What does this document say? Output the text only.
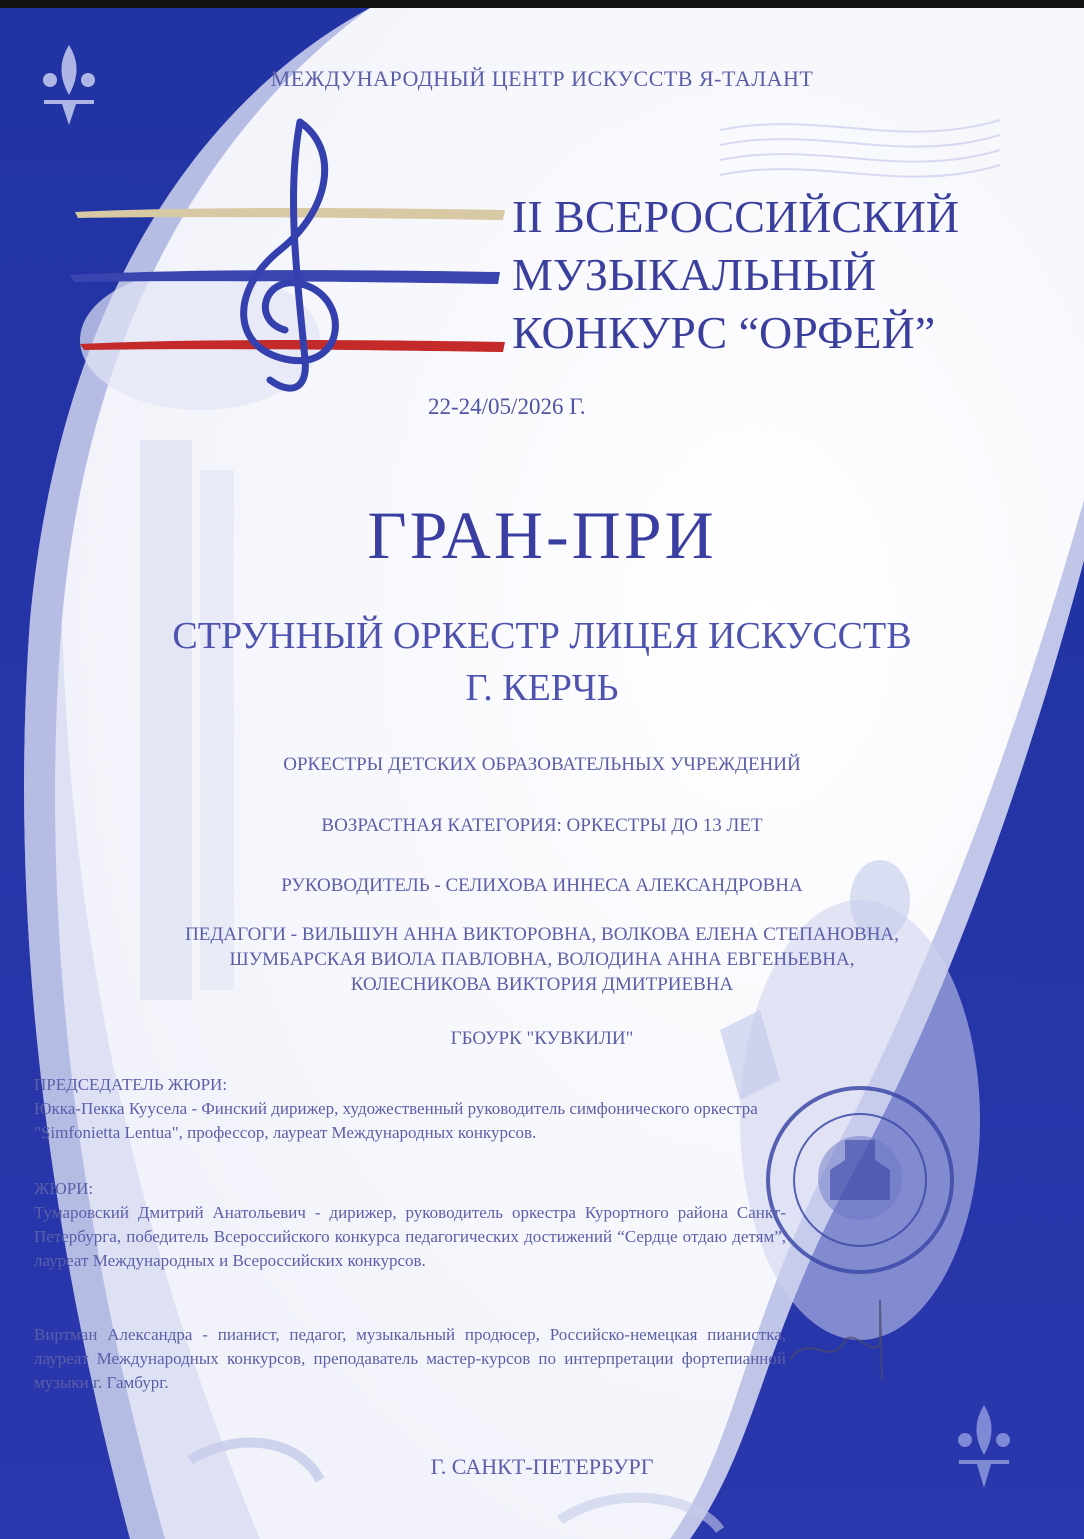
МЕЖДУНАРОДНЫЙ ЦЕНТР ИСКУССТВ Я-ТАЛАНТ

II ВСЕРОССИЙСКИЙ
МУЗЫКАЛЬНЫЙ
КОНКУРС “ОРФЕЙ”

22-24/05/2026 Г.

ГРАН-ПРИ

СТРУННЫЙ ОРКЕСТР ЛИЦЕЯ ИСКУССТВ

Г. КЕРЧЬ

ОРКЕСТРЫ ДЕТСКИХ ОБРАЗОВАТЕЛЬНЫХ УЧРЕЖДЕНИЙ

ВОЗРАСТНАЯ КАТЕГОРИЯ: ОРКЕСТРЫ ДО 13 ЛЕТ

РУКОВОДИТЕЛЬ - СЕЛИХОВА ИННЕСА АЛЕКСАНДРОВНА

ПЕДАГОГИ - ВИЛЬШУН АННА ВИКТОРОВНА, ВОЛКОВА ЕЛЕНА СТЕПАНОВНА,
ШУМБАРСКАЯ ВИОЛА ПАВЛОВНА, ВОЛОДИНА АННА ЕВГЕНЬЕВНА,
КОЛЕСНИКОВА ВИКТОРИЯ ДМИТРИЕВНА

ГБОУРК "КУВКИЛИ"

ПРЕДСЕДАТЕЛЬ ЖЮРИ:

Юкка-Пекка Куусела - Финский дирижер, художественный руководитель симфонического оркестра "Simfonietta Lentua", профессор, лауреат Международных конкурсов.

ЖЮРИ:

Тумаровский Дмитрий Анатольевич - дирижер, руководитель оркестра Курортного района Санкт-Петербурга, победитель Всероссийского конкурса педагогических достижений “Сердце отдаю детям”, лауреат Международных и Всероссийских конкурсов.

Виртман Александра - пианист, педагог, музыкальный продюсер, Российско-немецкая пианистка, лауреат Международных конкурсов, преподаватель мастер-курсов по интерпретации фортепианной музыки г. Гамбург.

Г. САНКТ-ПЕТЕРБУРГ
